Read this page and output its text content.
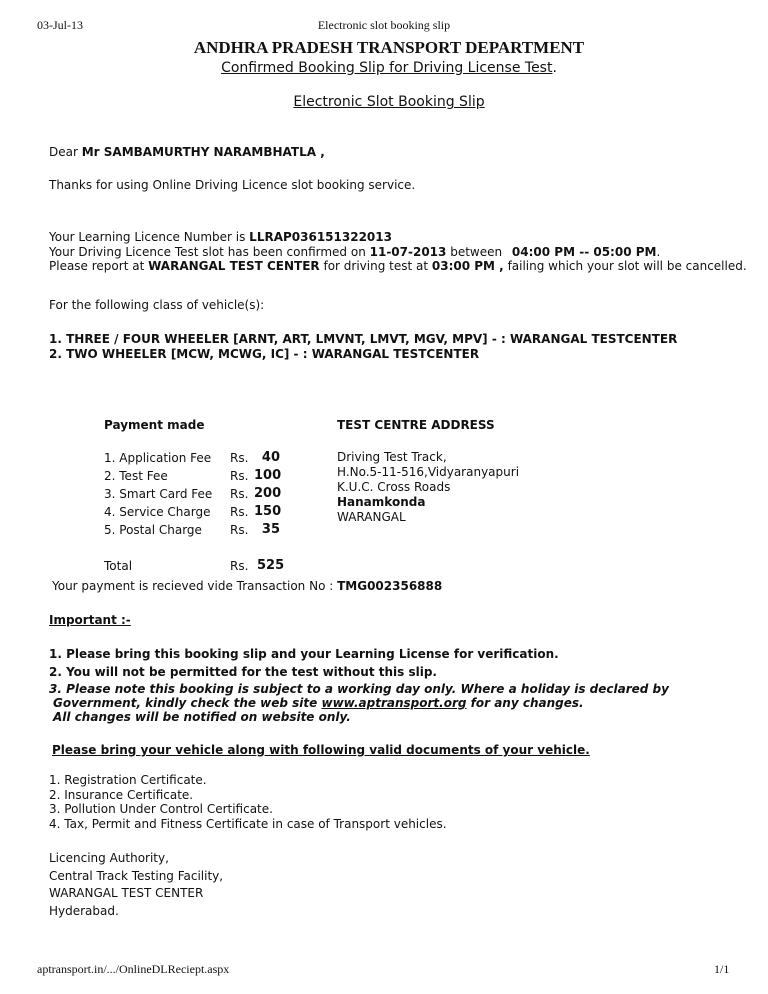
03-Jul-13	Electronic slot booking slip
ANDHRA PRADESH TRANSPORT DEPARTMENT
Confirmed Booking Slip for Driving License Test.
Electronic Slot Booking Slip
Dear Mr SAMBAMURTHY NARAMBHATLA ,
Thanks for using Online Driving Licence slot booking service.
Your Learning Licence Number is LLRAP036151322013
Your Driving Licence Test slot has been confirmed on 11-07-2013 between 04:00 PM -- 05:00 PM.
Please report at WARANGAL TEST CENTER for driving test at 03:00 PM , failing which your slot will be cancelled.
For the following class of vehicle(s):
1. THREE / FOUR WHEELER [ARNT, ART, LMVNT, LMVT, MGV, MPV] - : WARANGAL TESTCENTER
2. TWO WHEELER [MCW, MCWG, IC] - : WARANGAL TESTCENTER
Payment made
1. Application Fee Rs.	40
2. Test Fee	Rs. 100
3. Smart Card Fee Rs. 200
4. Service Charge Rs. 150
5. Postal Charge Rs.	35
Total	Rs. 525
Your payment is recieved vide Transaction No : TMG002356888
TEST CENTRE ADDRESS
Driving Test Track,
H.No.5-11-516,Vidyaranyapuri
K.U.C. Cross Roads
Hanamkonda
WARANGAL
Important :-
1. Please bring this booking slip and your Learning License for verification.
2. You will not be permitted for the test without this slip.
3. Please note this booking is subject to a working day only. Where a holiday is declared by
Government, kindly check the web site www.aptransport.org for any changes.
All changes will be notified on website only.
Please bring your vehicle along with following valid documents of your vehicle.
1. Registration Certificate.
2. Insurance Certificate.
3. Pollution Under Control Certificate.
4. Tax, Permit and Fitness Certificate in case of Transport vehicles.
Licencing Authority,
Central Track Testing Facility,
WARANGAL TEST CENTER
Hyderabad.
aptransport.in/.../OnlineDLReciept.aspx	1/1
